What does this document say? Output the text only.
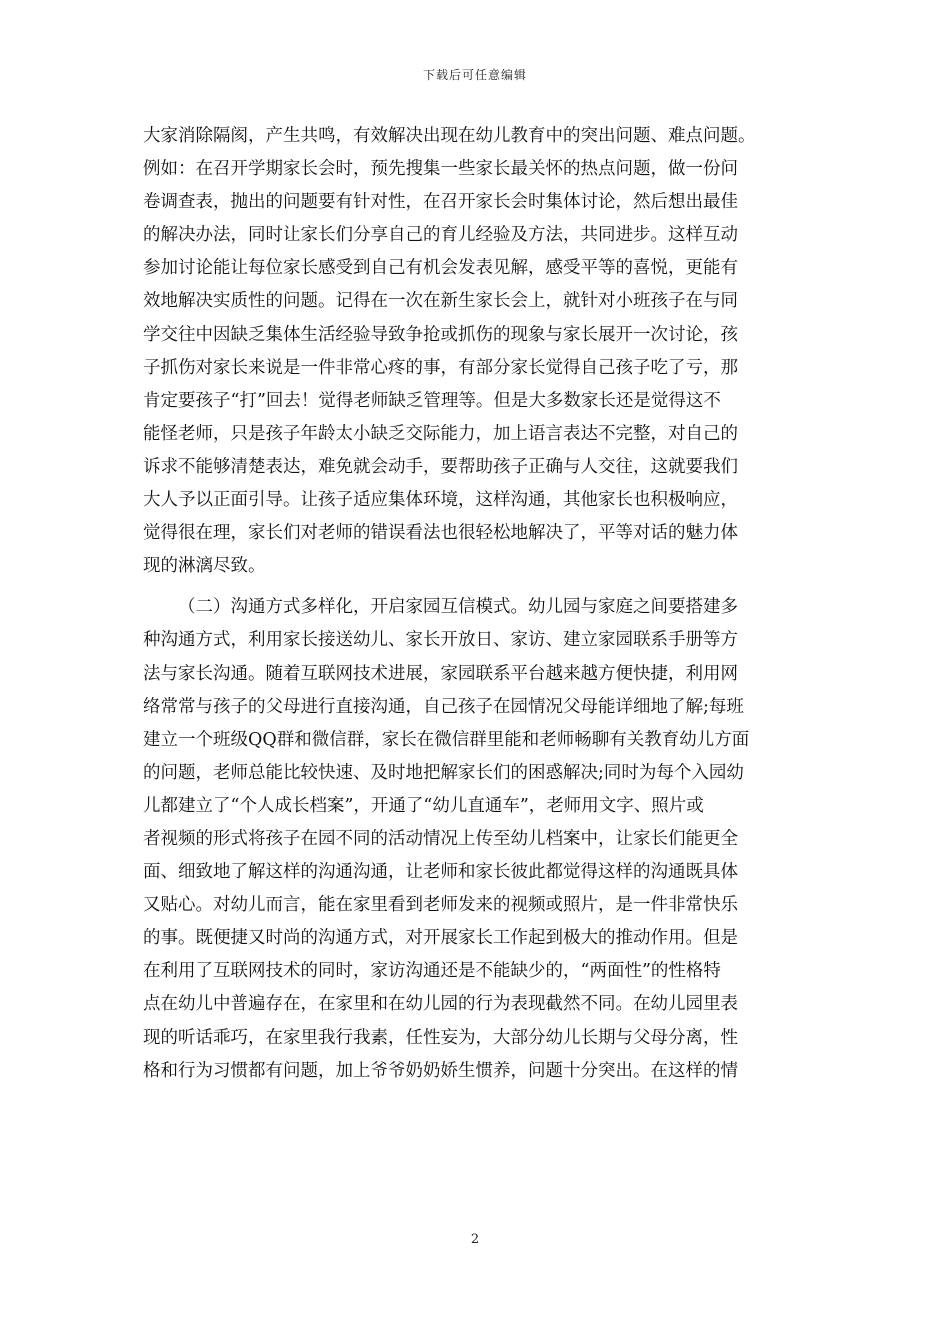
下载后可任意编辑
大家消除隔阂，产生共鸣，有效解决出现在幼儿教育中的突出问题、难点问题。
例如：在召开学期家长会时，预先搜集一些家长最关怀的热点问题，做一份问
卷调查表，抛出的问题要有针对性，在召开家长会时集体讨论，然后想出最佳
的解决办法，同时让家长们分享自己的育儿经验及方法，共同进步。这样互动
参加讨论能让每位家长感受到自己有机会发表见解，感受平等的喜悦，更能有
效地解决实质性的问题。记得在一次在新生家长会上，就针对小班孩子在与同
学交往中因缺乏集体生活经验导致争抢或抓伤的现象与家长展开一次讨论，孩
子抓伤对家长来说是一件非常心疼的事，有部分家长觉得自己孩子吃了亏，那
肯定要孩子“打”回去！觉得老师缺乏管理等。但是大多数家长还是觉得这不
能怪老师，只是孩子年龄太小缺乏交际能力，加上语言表达不完整，对自己的
诉求不能够清楚表达，难免就会动手，要帮助孩子正确与人交往，这就要我们
大人予以正面引导。让孩子适应集体环境，这样沟通，其他家长也积极响应，
觉得很在理，家长们对老师的错误看法也很轻松地解决了，平等对话的魅力体
现的淋漓尽致。
（二）沟通方式多样化，开启家园互信模式。幼儿园与家庭之间要搭建多
种沟通方式，利用家长接送幼儿、家长开放日、家访、建立家园联系手册等方
法与家长沟通。随着互联网技术进展，家园联系平台越来越方便快捷，利用网
络常常与孩子的父母进行直接沟通，自己孩子在园情况父母能详细地了解;每班
建立一个班级QQ群和微信群，家长在微信群里能和老师畅聊有关教育幼儿方面
的问题，老师总能比较快速、及时地把解家长们的困惑解决;同时为每个入园幼
儿都建立了“个人成长档案”，开通了“幼儿直通车”，老师用文字、照片或
者视频的形式将孩子在园不同的活动情况上传至幼儿档案中，让家长们能更全
面、细致地了解这样的沟通沟通，让老师和家长彼此都觉得这样的沟通既具体
又贴心。对幼儿而言，能在家里看到老师发来的视频或照片，是一件非常快乐
的事。既便捷又时尚的沟通方式，对开展家长工作起到极大的推动作用。但是
在利用了互联网技术的同时，家访沟通还是不能缺少的，“两面性”的性格特
点在幼儿中普遍存在，在家里和在幼儿园的行为表现截然不同。在幼儿园里表
现的听话乖巧，在家里我行我素，任性妄为，大部分幼儿长期与父母分离，性
格和行为习惯都有问题，加上爷爷奶奶娇生惯养，问题十分突出。在这样的情
2
